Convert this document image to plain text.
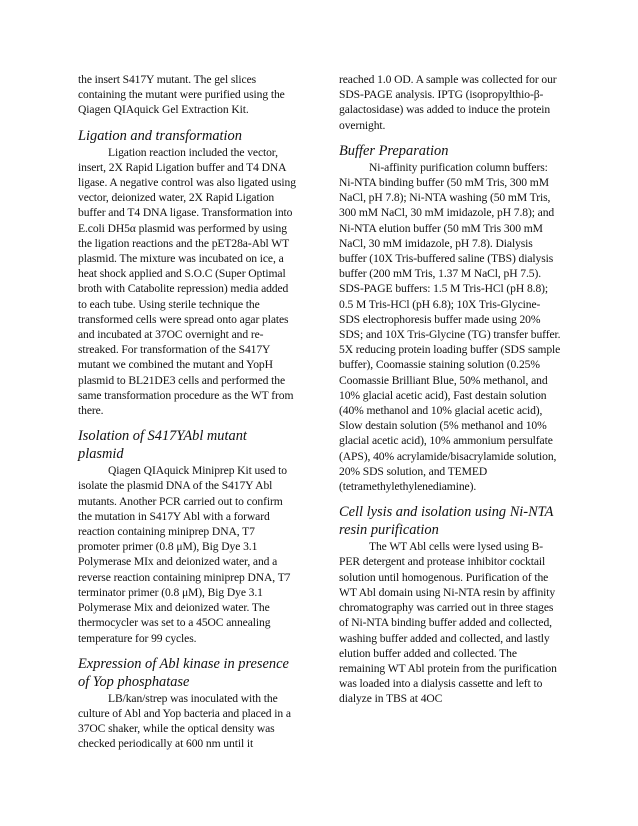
the insert S417Y mutant. The gel slices containing the mutant were purified using the Qiagen QIAquick Gel Extraction Kit.

Ligation and transformation

Ligation reaction included the vector, insert, 2X Rapid Ligation buffer and T4 DNA ligase. A negative control was also ligated using vector, deionized water, 2X Rapid Ligation buffer and T4 DNA ligase. Transformation into E.coli DH5α plasmid was performed by using the ligation reactions and the pET28a-Abl WT plasmid. The mixture was incubated on ice, a heat shock applied and S.O.C (Super Optimal broth with Catabolite repression) media added to each tube. Using sterile technique the transformed cells were spread onto agar plates and incubated at 37OC overnight and re-streaked. For transformation of the S417Y mutant we combined the mutant and YopH plasmid to BL21DE3 cells and performed the same transformation procedure as the WT from there.

Isolation of S417YAbl mutant plasmid

Qiagen QIAquick Miniprep Kit used to isolate the plasmid DNA of the S417Y Abl mutants. Another PCR carried out to confirm the mutation in S417Y Abl with a forward reaction containing miniprep DNA, T7 promoter primer (0.8 μM), Big Dye 3.1 Polymerase MIx and deionized water, and a reverse reaction containing miniprep DNA, T7 terminator primer (0.8 μM), Big Dye 3.1 Polymerase Mix and deionized water. The thermocycler was set to a 45OC annealing temperature for 99 cycles.

Expression of Abl kinase in presence of Yop phosphatase

LB/kan/strep was inoculated with the culture of Abl and Yop bacteria and placed in a 37OC shaker, while the optical density was checked periodically at 600 nm until it

reached 1.0 OD. A sample was collected for our SDS-PAGE analysis. IPTG (isopropylthio-β-galactosidase) was added to induce the protein overnight.

Buffer Preparation

Ni-affinity purification column buffers: Ni-NTA binding buffer (50 mM Tris, 300 mM NaCl, pH 7.8); Ni-NTA washing (50 mM Tris, 300 mM NaCl, 30 mM imidazole, pH 7.8); and Ni-NTA elution buffer (50 mM Tris 300 mM NaCl, 30 mM imidazole, pH 7.8). Dialysis buffer (10X Tris-buffered saline (TBS) dialysis buffer (200 mM Tris, 1.37 M NaCl, pH 7.5). SDS-PAGE buffers: 1.5 M Tris-HCl (pH 8.8); 0.5 M Tris-HCl (pH 6.8); 10X Tris-Glycine-SDS electrophoresis buffer made using 20% SDS; and 10X Tris-Glycine (TG) transfer buffer. 5X reducing protein loading buffer (SDS sample buffer), Coomassie staining solution (0.25% Coomassie Brilliant Blue, 50% methanol, and 10% glacial acetic acid), Fast destain solution (40% methanol and 10% glacial acetic acid), Slow destain solution (5% methanol and 10% glacial acetic acid), 10% ammonium persulfate (APS), 40% acrylamide/bisacrylamide solution, 20% SDS solution, and TEMED (tetramethylethylenediamine).

Cell lysis and isolation using Ni-NTA resin purification

The WT Abl cells were lysed using B-PER detergent and protease inhibitor cocktail solution until homogenous. Purification of the WT Abl domain using Ni-NTA resin by affinity chromatography was carried out in three stages of Ni-NTA binding buffer added and collected, washing buffer added and collected, and lastly elution buffer added and collected. The remaining WT Abl protein from the purification was loaded into a dialysis cassette and left to dialyze in TBS at 4OC
